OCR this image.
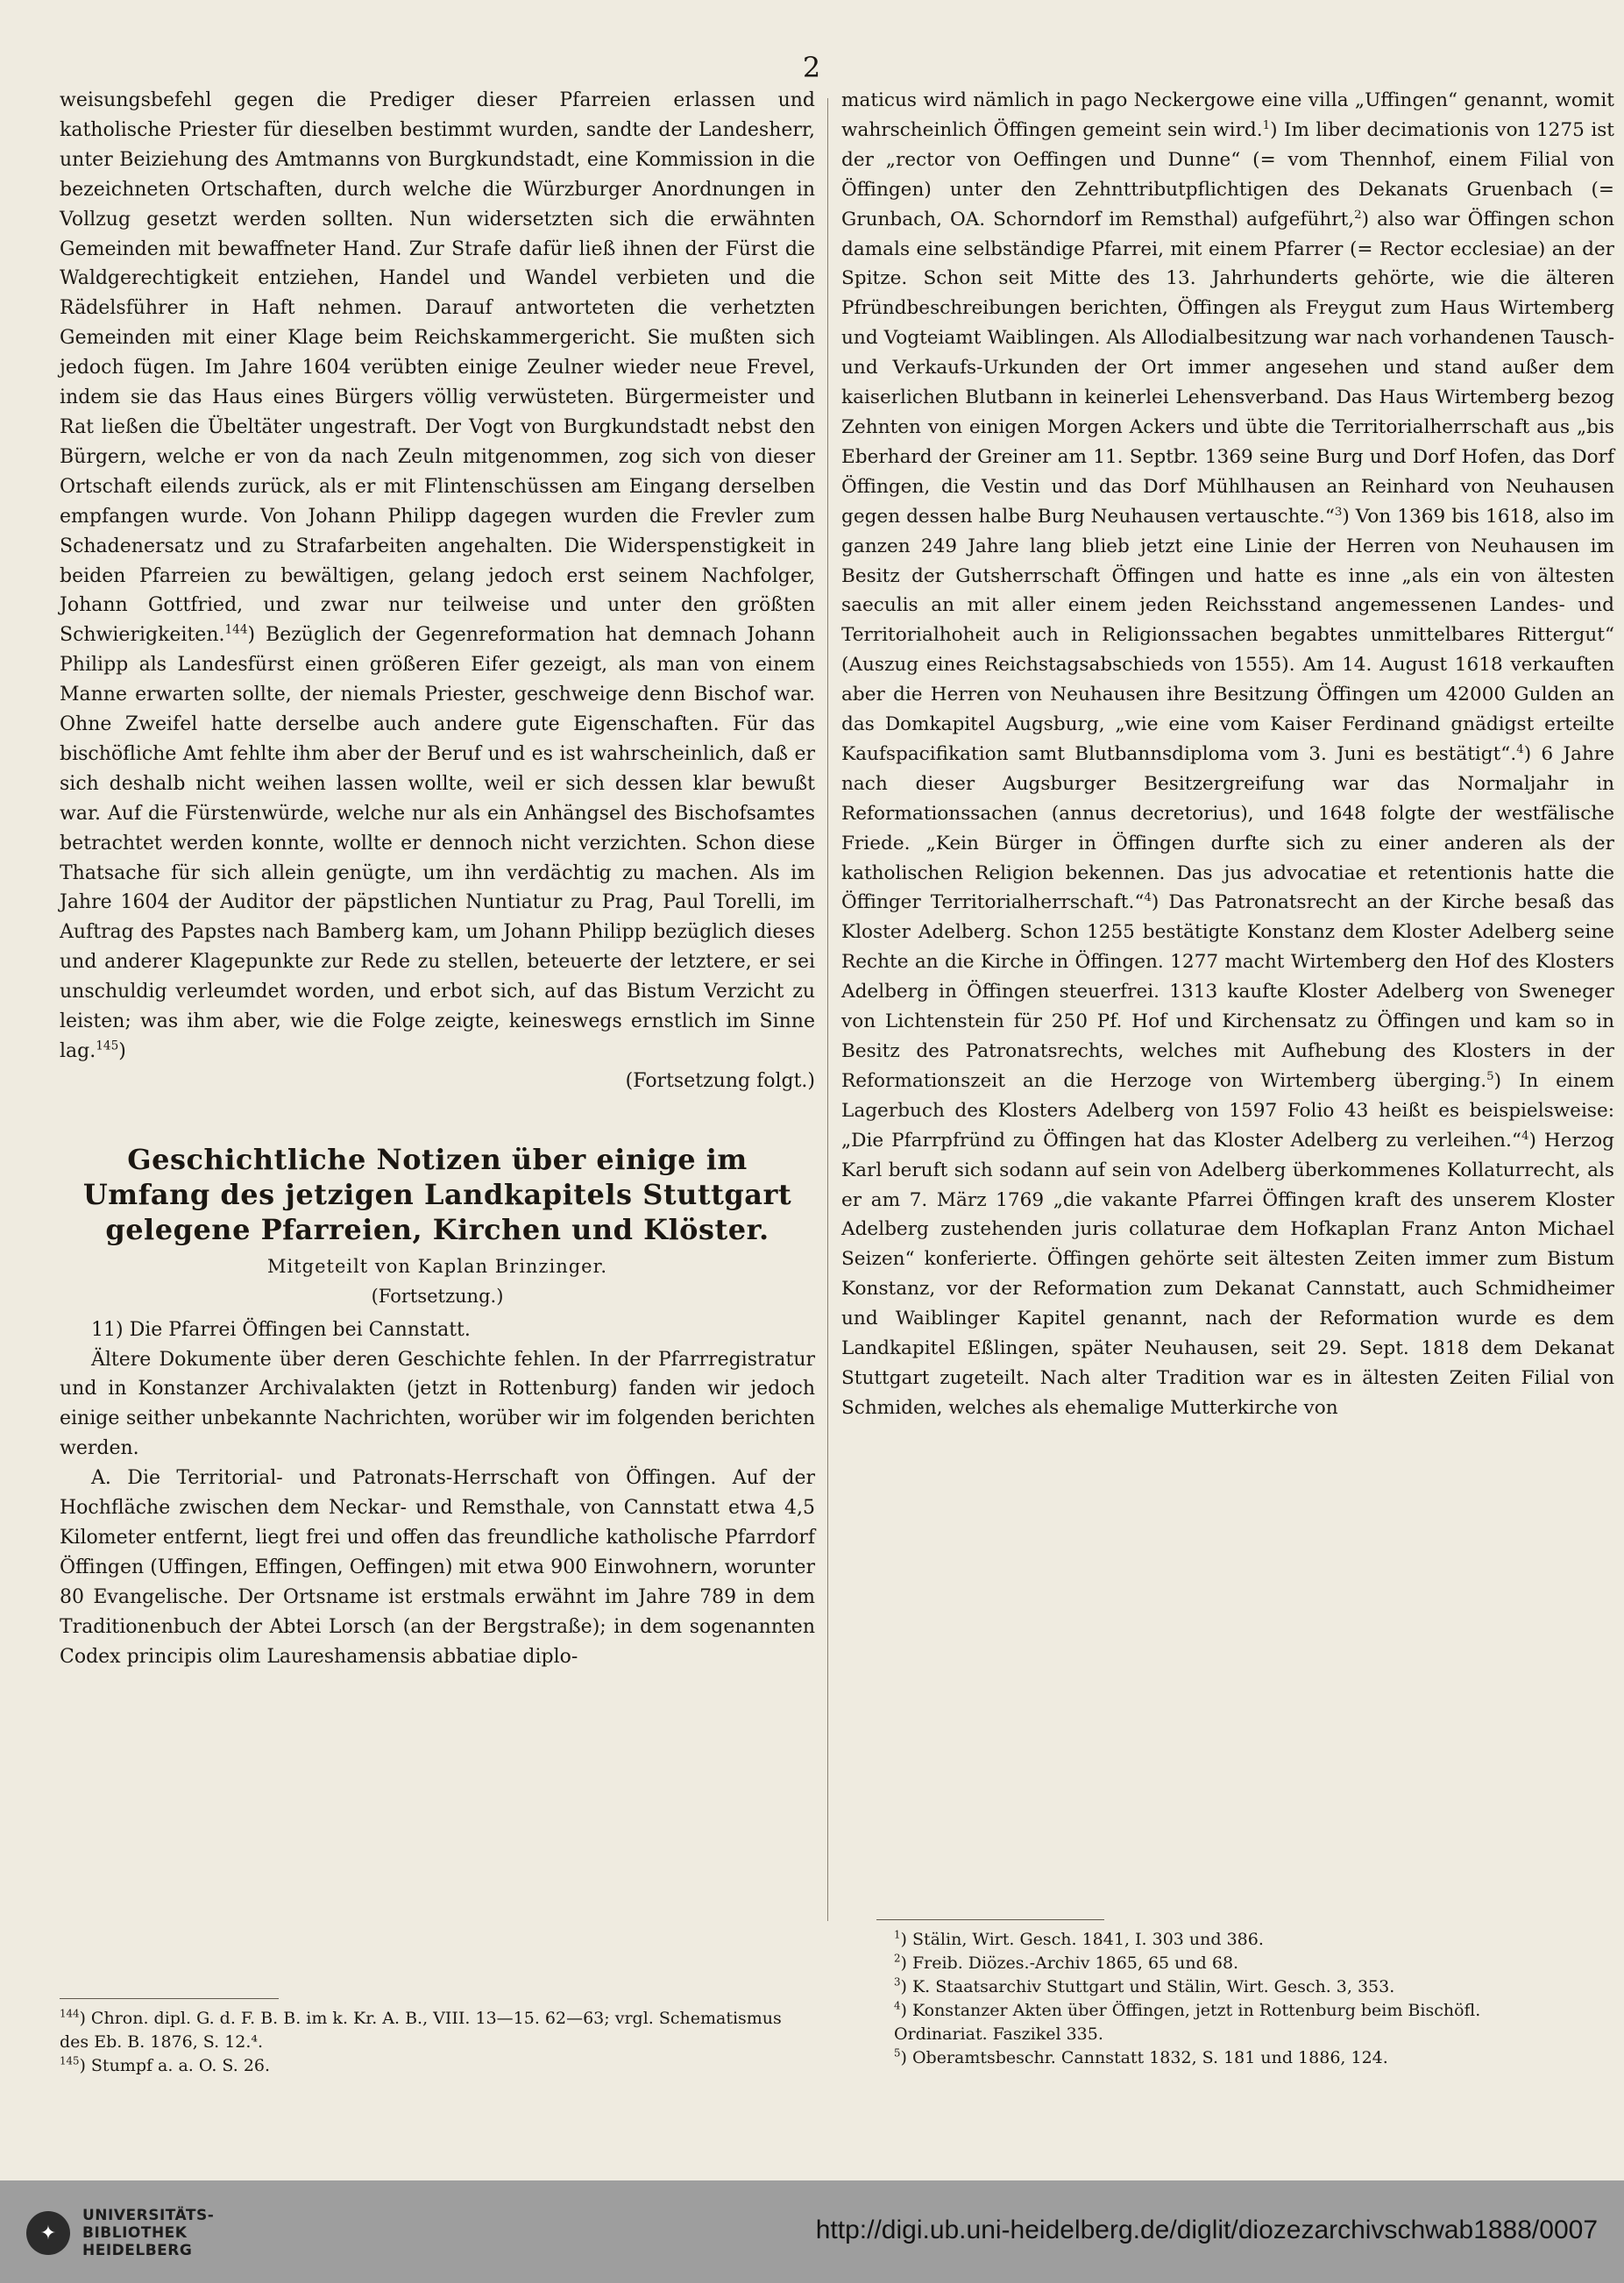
2

weisungsbefehl gegen die Prediger dieser Pfarreien erlassen und katholische Priester für dieselben bestimmt wurden, sandte der Landesherr, unter Beiziehung des Amtmanns von Burgkundstadt, eine Kommission in die bezeichneten Ortschaften, durch welche die Würzburger Anordnungen in Vollzug gesetzt werden sollten. Nun widersetzten sich die erwähnten Gemeinden mit bewaffneter Hand. Zur Strafe dafür ließ ihnen der Fürst die Waldgerechtigkeit entziehen, Handel und Wandel verbieten und die Rädelsführer in Haft nehmen. Darauf antworteten die verhetzten Gemeinden mit einer Klage beim Reichskammergericht. Sie mußten sich jedoch fügen. Im Jahre 1604 verübten einige Zeulner wieder neue Frevel, indem sie das Haus eines Bürgers völlig verwüsteten. Bürgermeister und Rat ließen die Übeltäter ungestraft. Der Vogt von Burgkundstadt nebst den Bürgern, welche er von da nach Zeuln mitgenommen, zog sich von dieser Ortschaft eilends zurück, als er mit Flintenschüssen am Eingang derselben empfangen wurde. Von Johann Philipp dagegen wurden die Frevler zum Schadenersatz und zu Strafarbeiten angehalten. Die Widerspenstigkeit in beiden Pfarreien zu bewältigen, gelang jedoch erst seinem Nachfolger, Johann Gottfried, und zwar nur teilweise und unter den größten Schwierigkeiten.$^{144}$) Bezüglich der Gegenreformation hat demnach Johann Philipp als Landesfürst einen größeren Eifer gezeigt, als man von einem Manne erwarten sollte, der niemals Priester, geschweige denn Bischof war. Ohne Zweifel hatte derselbe auch andere gute Eigenschaften. Für das bischöfliche Amt fehlte ihm aber der Beruf und es ist wahrscheinlich, daß er sich deshalb nicht weihen lassen wollte, weil er sich dessen klar bewußt war. Auf die Fürstenwürde, welche nur als ein Anhängsel des Bischofsamtes betrachtet werden konnte, wollte er dennoch nicht verzichten. Schon diese Thatsache für sich allein genügte, um ihn verdächtig zu machen. Als im Jahre 1604 der Auditor der päpstlichen Nuntiatur zu Prag, Paul Torelli, im Auftrag des Papstes nach Bamberg kam, um Johann Philipp bezüglich dieses und anderer Klagepunkte zur Rede zu stellen, beteuerte der letztere, er sei unschuldig verleumdet worden, und erbot sich, auf das Bistum Verzicht zu leisten; was ihm aber, wie die Folge zeigte, keineswegs ernstlich im Sinne lag.$^{145}$)

(Fortsetzung folgt.)

Geschichtliche Notizen über einige im Umfang des jetzigen Landkapitels Stuttgart gelegene Pfarreien, Kirchen und Klöster.

Mitgeteilt von Kaplan Brinzinger.

(Fortsetzung.)

11) Die Pfarrei Öffingen bei Cannstatt.

Ältere Dokumente über deren Geschichte fehlen. In der Pfarrregistratur und in Konstanzer Archivalakten (jetzt in Rottenburg) fanden wir jedoch einige seither unbekannte Nachrichten, worüber wir im folgenden berichten werden.

A. Die Territorial- und Patronats-Herrschaft von Öffingen. Auf der Hochfläche zwischen dem Neckar- und Remsthale, von Cannstatt etwa 4,5 Kilometer entfernt, liegt frei und offen das freundliche katholische Pfarrdorf Öffingen (Uffingen, Effingen, Oeffingen) mit etwa 900 Einwohnern, worunter 80 Evangelische. Der Ortsname ist erstmals erwähnt im Jahre 789 in dem Traditionenbuch der Abtei Lorsch (an der Bergstraße); in dem sogenannten Codex principis olim Laureshamensis abbatiae diplo-

maticus wird nämlich in pago Neckergowe eine villa „Uffingen“ genannt, womit wahrscheinlich Öffingen gemeint sein wird.$^1$) Im liber decimationis von 1275 ist der „rector von Oeffingen und Dunne“ (= vom Thennhof, einem Filial von Öffingen) unter den Zehnttributpflichtigen des Dekanats Gruenbach (= Grunbach, OA. Schorndorf im Remsthal) aufgeführt,$^2$) also war Öffingen schon damals eine selbständige Pfarrei, mit einem Pfarrer (= Rector ecclesiae) an der Spitze. Schon seit Mitte des 13. Jahrhunderts gehörte, wie die älteren Pfründbeschreibungen berichten, Öffingen als Freygut zum Haus Wirtemberg und Vogteiamt Waiblingen. Als Allodialbesitzung war nach vorhandenen Tausch- und Verkaufs-Urkunden der Ort immer angesehen und stand außer dem kaiserlichen Blutbann in keinerlei Lehensverband. Das Haus Wirtemberg bezog Zehnten von einigen Morgen Ackers und übte die Territorialherrschaft aus „bis Eberhard der Greiner am 11. Septbr. 1369 seine Burg und Dorf Hofen, das Dorf Öffingen, die Vestin und das Dorf Mühlhausen an Reinhard von Neuhausen gegen dessen halbe Burg Neuhausen vertauschte.“$^3$) Von 1369 bis 1618, also im ganzen 249 Jahre lang blieb jetzt eine Linie der Herren von Neuhausen im Besitz der Gutsherrschaft Öffingen und hatte es inne „als ein von ältesten saeculis an mit aller einem jeden Reichsstand angemessenen Landes- und Territorialhoheit auch in Religionssachen begabtes unmittelbares Rittergut“ (Auszug eines Reichstagsabschieds von 1555). Am 14. August 1618 verkauften aber die Herren von Neuhausen ihre Besitzung Öffingen um 42000 Gulden an das Domkapitel Augsburg, „wie eine vom Kaiser Ferdinand gnädigst erteilte Kaufspacifikation samt Blutbannsdiploma vom 3. Juni es bestätigt“.$^4$) 6 Jahre nach dieser Augsburger Besitzergreifung war das Normaljahr in Reformationssachen (annus decretorius), und 1648 folgte der westfälische Friede. „Kein Bürger in Öffingen durfte sich zu einer anderen als der katholischen Religion bekennen. Das jus advocatiae et retentionis hatte die Öffinger Territorialherrschaft.“$^4$) Das Patronatsrecht an der Kirche besaß das Kloster Adelberg. Schon 1255 bestätigte Konstanz dem Kloster Adelberg seine Rechte an die Kirche in Öffingen. 1277 macht Wirtemberg den Hof des Klosters Adelberg in Öffingen steuerfrei. 1313 kaufte Kloster Adelberg von Sweneger von Lichtenstein für 250 Pf. Hof und Kirchensatz zu Öffingen und kam so in Besitz des Patronatsrechts, welches mit Aufhebung des Klosters in der Reformationszeit an die Herzoge von Wirtemberg überging.$^5$) In einem Lagerbuch des Klosters Adelberg von 1597 Folio 43 heißt es beispielsweise: „Die Pfarrpfründ zu Öffingen hat das Kloster Adelberg zu verleihen.“$^4$) Herzog Karl beruft sich sodann auf sein von Adelberg überkommenes Kollaturrecht, als er am 7. März 1769 „die vakante Pfarrei Öffingen kraft des unserem Kloster Adelberg zustehenden juris collaturae dem Hofkaplan Franz Anton Michael Seizen“ konferierte. Öffingen gehörte seit ältesten Zeiten immer zum Bistum Konstanz, vor der Reformation zum Dekanat Cannstatt, auch Schmidheimer und Waiblinger Kapitel genannt, nach der Reformation wurde es dem Landkapitel Eßlingen, später Neuhausen, seit 29. Sept. 1818 dem Dekanat Stuttgart zugeteilt. Nach alter Tradition war es in ältesten Zeiten Filial von Schmiden, welches als ehemalige Mutterkirche von

$^{144}$) Chron. dipl. G. d. F. B. B. im k. Kr. A. B., VIII. 13—15. 62—63; vrgl. Schematismus des Eb. B. 1876, S. 12.⁴.

$^{145}$) Stumpf a. a. O. S. 26.

$^1$) Stälin, Wirt. Gesch. 1841, I. 303 und 386.

$^2$) Freib. Diözes.-Archiv 1865, 65 und 68.

$^3$) K. Staatsarchiv Stuttgart und Stälin, Wirt. Gesch. 3, 353.

$^4$) Konstanzer Akten über Öffingen, jetzt in Rottenburg beim Bischöfl. Ordinariat. Faszikel 335.

$^5$) Oberamtsbeschr. Cannstatt 1832, S. 181 und 1886, 124.

✦
UNIVERSITÄTS-
BIBLIOTHEK
HEIDELBERG
http://digi.ub.uni-heidelberg.de/diglit/diozezarchivschwab1888/0007
